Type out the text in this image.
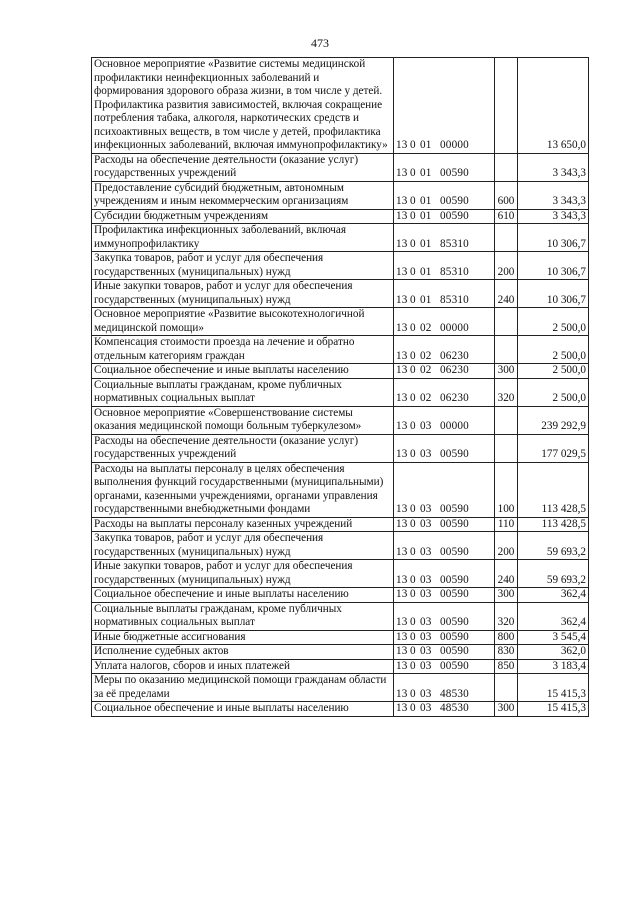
473
Основное мероприятие «Развитие системы медицинской профилактики неинфекционных заболеваний и формирования здорового образа жизни, в том числе у детей. Профилактика развития зависимостей, включая сокращение потребления табака, алкоголя, наркотических средств и психоактивных веществ, в том числе у детей, профилактика инфекционных заболеваний, включая иммунопрофилактику»	13 0 01 00000		13 650,0
Расходы на обеспечение деятельности (оказание услуг) государственных учреждений	13 0 01 00590		3 343,3
Предоставление субсидий бюджетным, автономным учреждениям и иным некоммерческим организациям	13 0 01 00590	600	3 343,3
Субсидии бюджетным учреждениям	13 0 01 00590	610	3 343,3
Профилактика инфекционных заболеваний, включая иммунопрофилактику	13 0 01 85310		10 306,7
Закупка товаров, работ и услуг для обеспечения государственных (муниципальных) нужд	13 0 01 85310	200	10 306,7
Иные закупки товаров, работ и услуг для обеспечения государственных (муниципальных) нужд	13 0 01 85310	240	10 306,7
Основное мероприятие «Развитие высокотехнологичной медицинской помощи»	13 0 02 00000		2 500,0
Компенсация стоимости проезда на лечение и обратно отдельным категориям граждан	13 0 02 06230		2 500,0
Социальное обеспечение и иные выплаты населению	13 0 02 06230	300	2 500,0
Социальные выплаты гражданам, кроме публичных нормативных социальных выплат	13 0 02 06230	320	2 500,0
Основное мероприятие «Совершенствование системы оказания медицинской помощи больным туберкулезом»	13 0 03 00000		239 292,9
Расходы на обеспечение деятельности (оказание услуг) государственных учреждений	13 0 03 00590		177 029,5
Расходы на выплаты персоналу в целях обеспечения выполнения функций государственными (муниципальными) органами, казенными учреждениями, органами управления государственными внебюджетными фондами	13 0 03 00590	100	113 428,5
Расходы на выплаты персоналу казенных учреждений	13 0 03 00590	110	113 428,5
Закупка товаров, работ и услуг для обеспечения государственных (муниципальных) нужд	13 0 03 00590	200	59 693,2
Иные закупки товаров, работ и услуг для обеспечения государственных (муниципальных) нужд	13 0 03 00590	240	59 693,2
Социальное обеспечение и иные выплаты населению	13 0 03 00590	300	362,4
Социальные выплаты гражданам, кроме публичных нормативных социальных выплат	13 0 03 00590	320	362,4
Иные бюджетные ассигнования	13 0 03 00590	800	3 545,4
Исполнение судебных актов	13 0 03 00590	830	362,0
Уплата налогов, сборов и иных платежей	13 0 03 00590	850	3 183,4
Меры по оказанию медицинской помощи гражданам области за её пределами	13 0 03 48530		15 415,3
Социальное обеспечение и иные выплаты населению	13 0 03 48530	300	15 415,3
